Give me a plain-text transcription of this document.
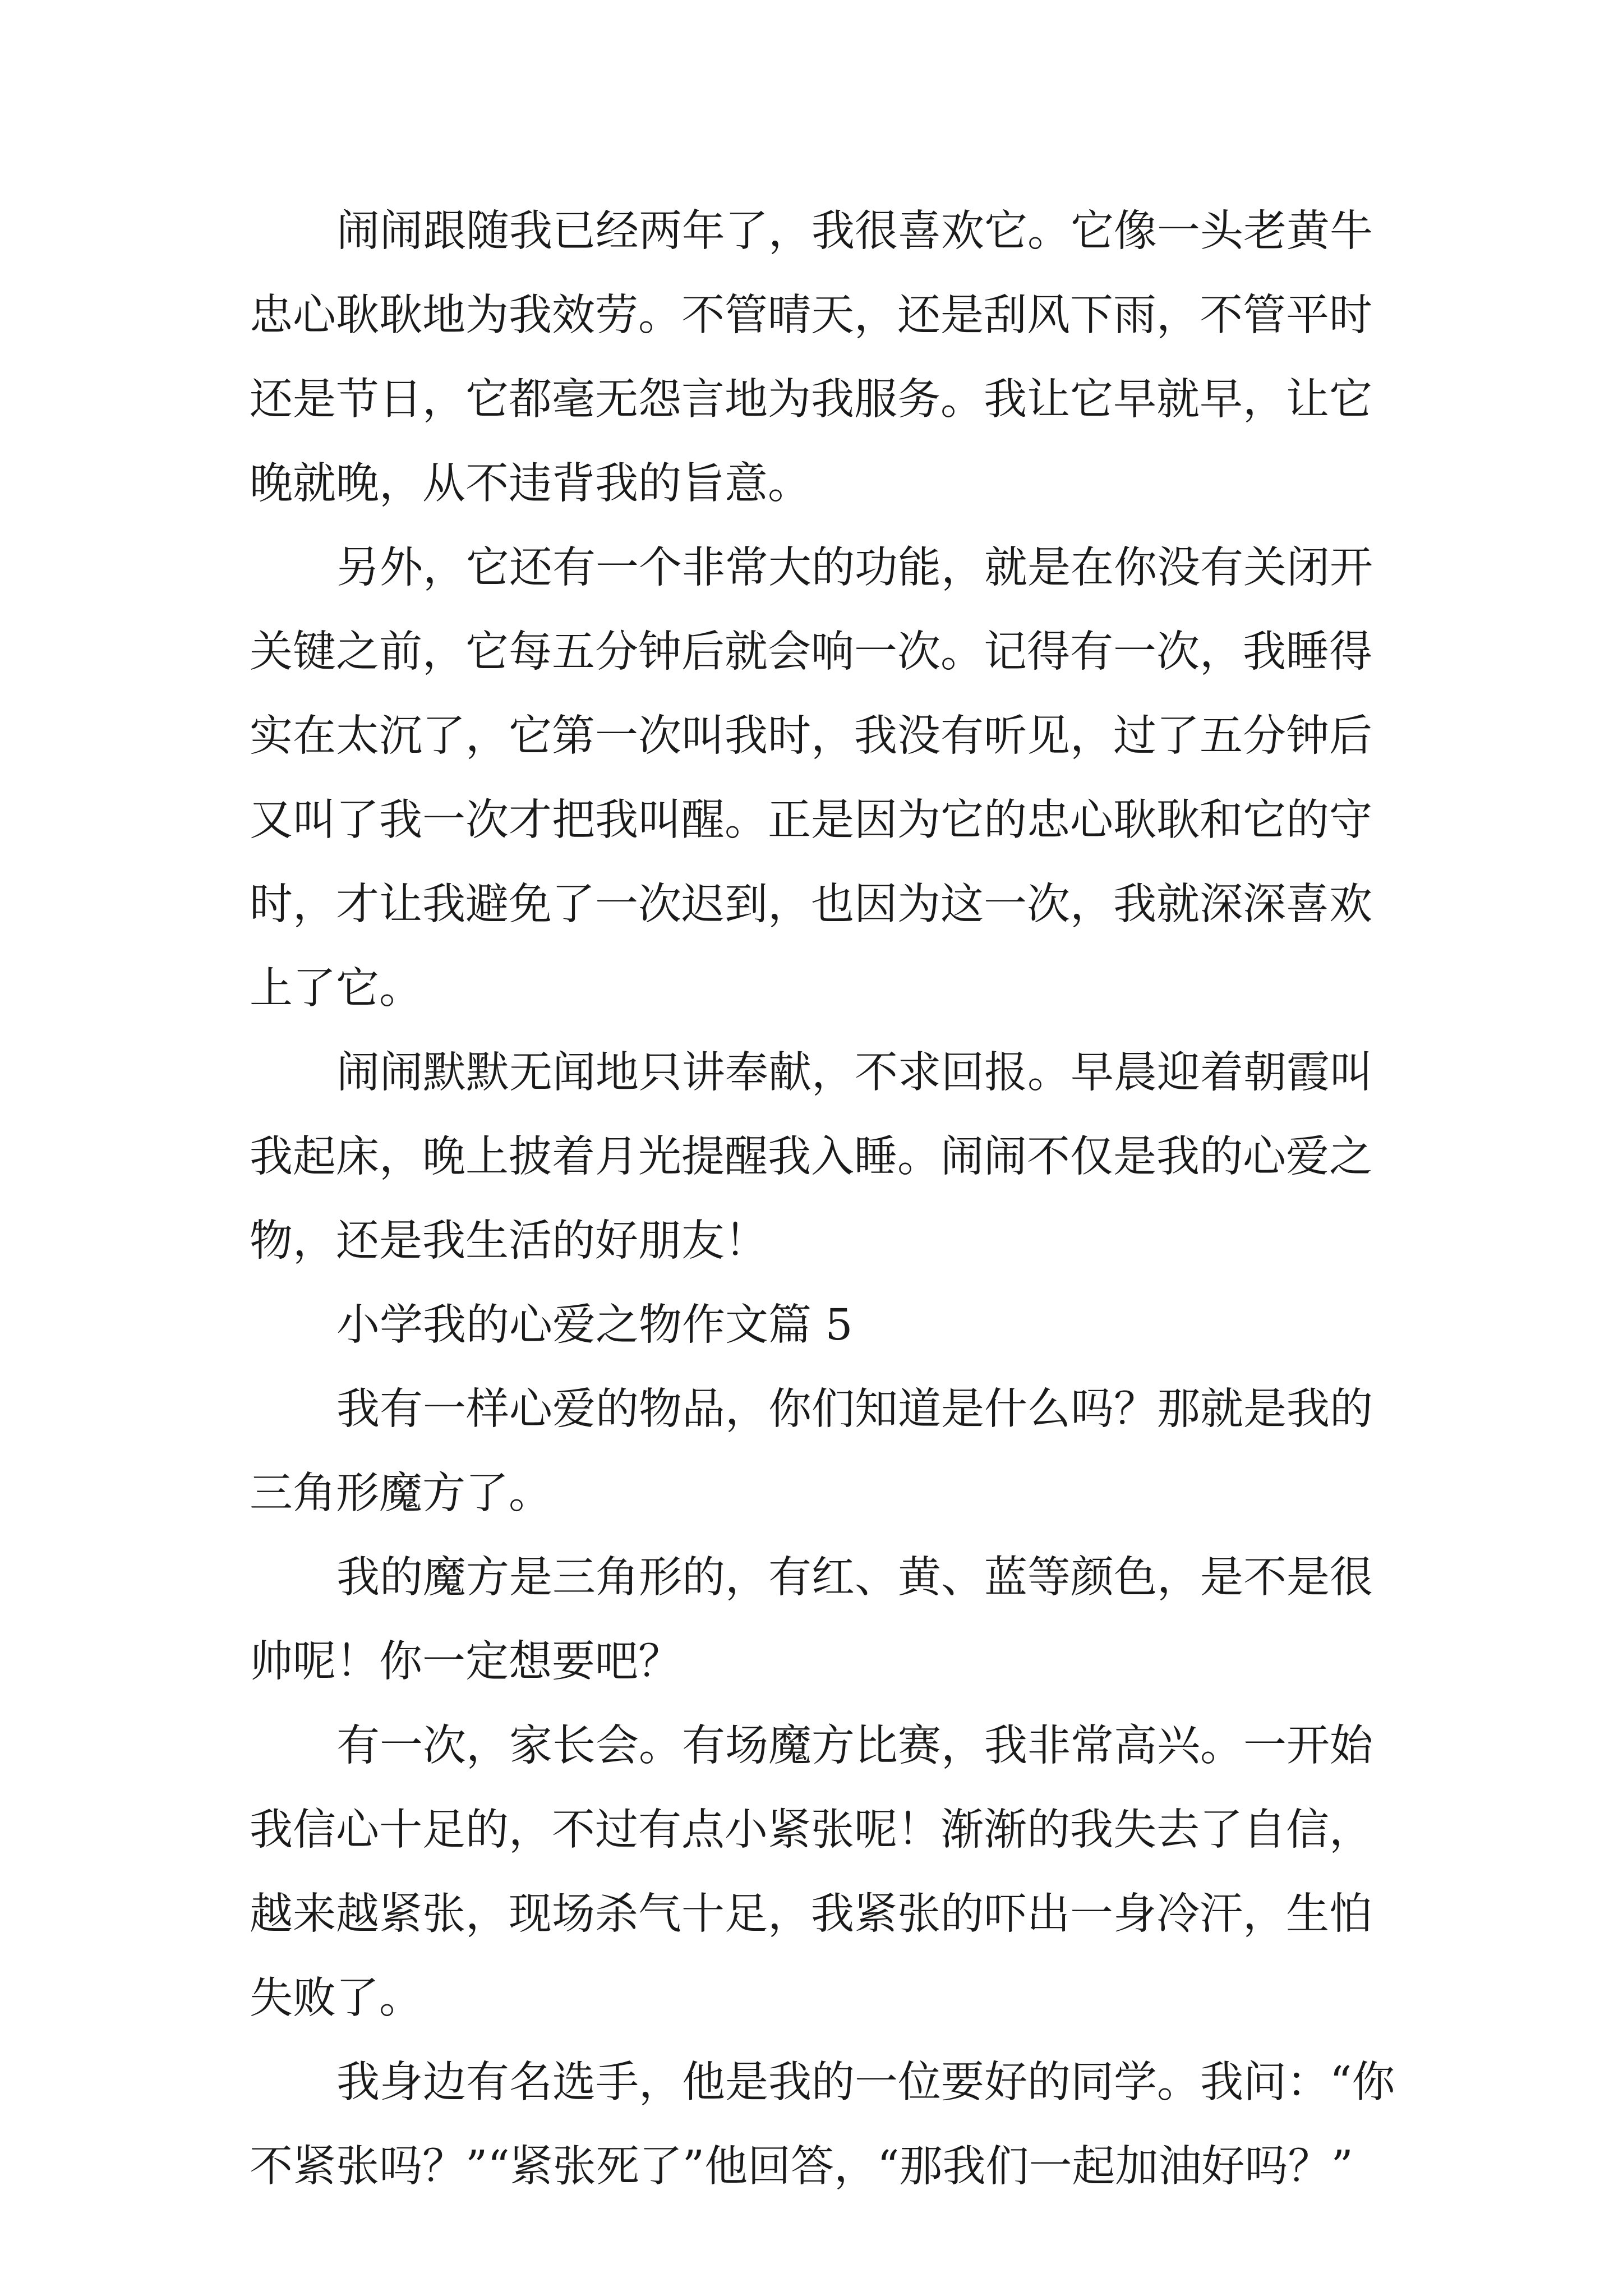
闹闹跟随我已经两年了，我很喜欢它。它像一头老黄牛

忠心耿耿地为我效劳。不管晴天，还是刮风下雨，不管平时

还是节日，它都毫无怨言地为我服务。我让它早就早，让它

晚就晚，从不违背我的旨意。

另外，它还有一个非常大的功能，就是在你没有关闭开

关键之前，它每五分钟后就会响一次。记得有一次，我睡得

实在太沉了，它第一次叫我时，我没有听见，过了五分钟后

又叫了我一次才把我叫醒。正是因为它的忠心耿耿和它的守

时，才让我避免了一次迟到，也因为这一次，我就深深喜欢

上了它。

闹闹默默无闻地只讲奉献，不求回报。早晨迎着朝霞叫

我起床，晚上披着月光提醒我入睡。闹闹不仅是我的心爱之

物，还是我生活的好朋友！

小学我的心爱之物作文篇 5

我有一样心爱的物品，你们知道是什么吗？那就是我的

三角形魔方了。

我的魔方是三角形的，有红、黄、蓝等颜色，是不是很

帅呢！你一定想要吧？

有一次，家长会。有场魔方比赛，我非常高兴。一开始

我信心十足的，不过有点小紧张呢！渐渐的我失去了自信，

越来越紧张，现场杀气十足，我紧张的吓出一身冷汗，生怕

失败了。

我身边有名选手，他是我的一位要好的同学。我问：“你

不紧张吗？”“紧张死了”他回答，“那我们一起加油好吗？”
